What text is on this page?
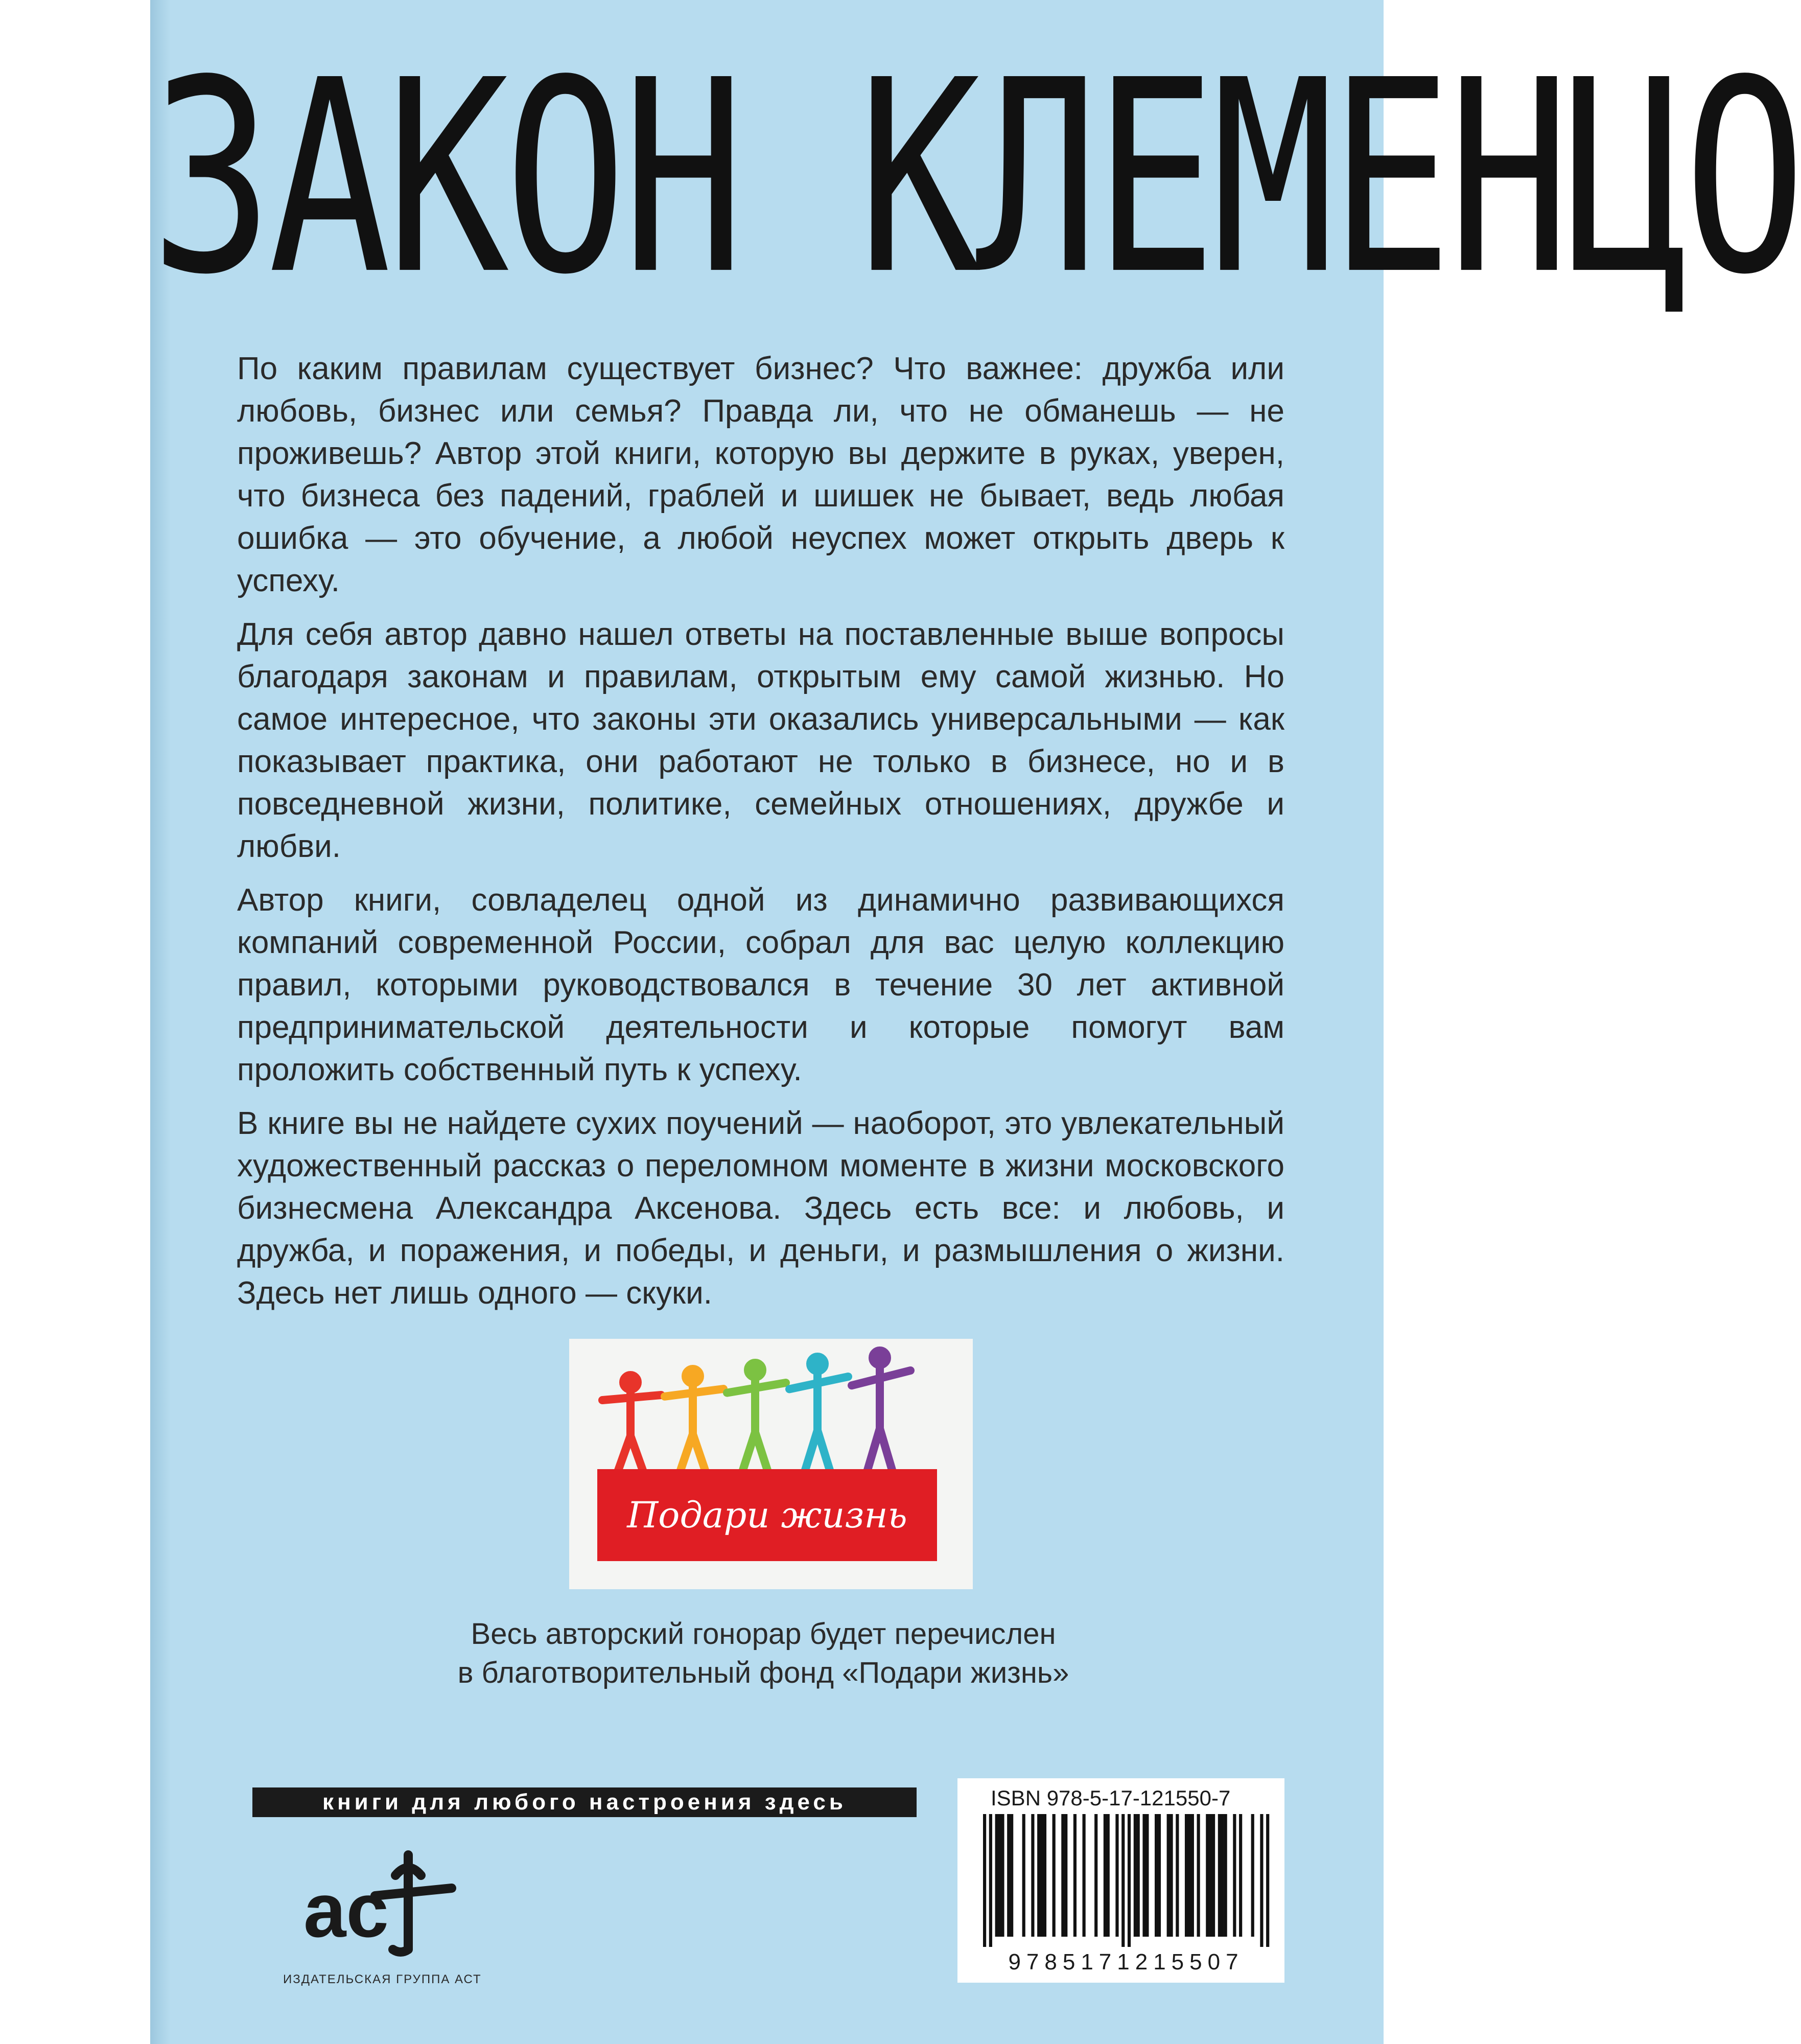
ЗАКОН КЛЕМЕНЦО

По каким правилам существует бизнес? Что важнее: дружба или любовь, бизнес или семья? Правда ли, что не обманешь — не проживешь? Автор этой книги, которую вы держите в руках, уверен, что бизнеса без падений, граблей и шишек не бывает, ведь любая ошибка — это обучение, а любой неуспех может открыть дверь к успеху.

Для себя автор давно нашел ответы на поставленные выше вопросы благодаря законам и правилам, открытым ему самой жизнью. Но самое интересное, что законы эти оказались универсальными — как показывает практика, они работают не только в бизнесе, но и в повседневной жизни, политике, семейных отношениях, дружбе и любви.

Автор книги, совладелец одной из динамично развивающихся компаний современной России, собрал для вас целую коллекцию правил, которыми руководствовался в течение 30 лет активной предпринимательской деятельности и которые помогут вам проложить собственный путь к успеху.

В книге вы не найдете сухих поучений — наоборот, это увлекательный художественный рассказ о переломном моменте в жизни московского бизнесмена Александра Аксенова. Здесь есть все: и любовь, и дружба, и поражения, и победы, и деньги, и размышления о жизни. Здесь нет лишь одного — скуки.

Подари жизнь
Весь авторский гонорар будет перечислен
в благотворительный фонд «Подари жизнь»
книги для любого настроения здесь
ac
ИЗДАТЕЛЬСКАЯ ГРУППА АСТ
ISBN 978-5-17-121550-7
9785171215507
